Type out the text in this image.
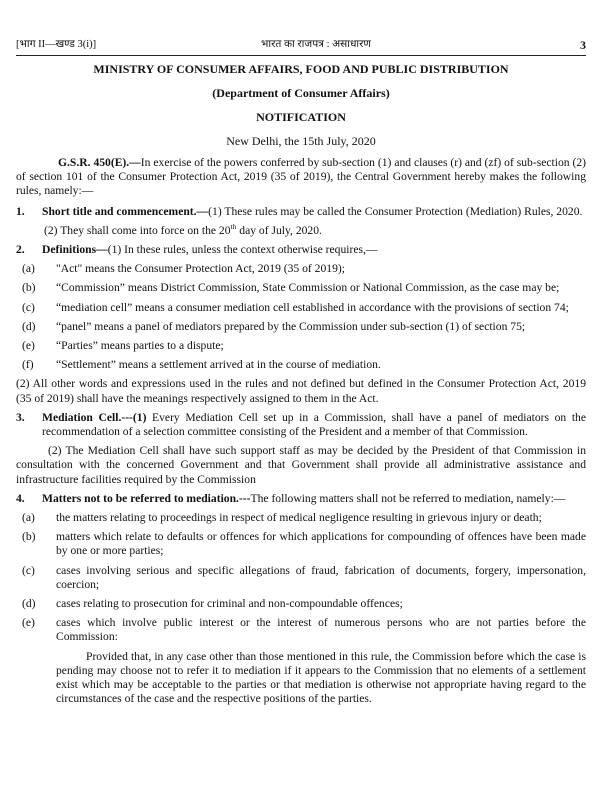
[भाग II—खण्ड 3(i)]	भारत का राजपत्र : असाधारण	3
MINISTRY OF CONSUMER AFFAIRS, FOOD AND PUBLIC DISTRIBUTION
(Department of Consumer Affairs)
NOTIFICATION
New Delhi, the 15th July, 2020
G.S.R. 450(E).—In exercise of the powers conferred by sub-section (1) and clauses (r) and (zf) of sub-section (2) of section 101 of the Consumer Protection Act, 2019 (35 of 2019), the Central Government hereby makes the following rules, namely:—
1.	Short title and commencement.—(1) These rules may be called the Consumer Protection (Mediation) Rules, 2020.
(2) They shall come into force on the 20th day of July, 2020.
2.	Definitions—(1) In these rules, unless the context otherwise requires,—
(a)	"Act" means the Consumer Protection Act, 2019 (35 of 2019);
(b)	“Commission” means District Commission, State Commission or National Commission, as the case may be;
(c)	“mediation cell” means a consumer mediation cell established in accordance with the provisions of section 74;
(d)	“panel” means a panel of mediators prepared by the Commission under sub-section (1) of section 75;
(e)	“Parties” means parties to a dispute;
(f)	“Settlement” means a settlement arrived at in the course of mediation.
(2) All other words and expressions used in the rules and not defined but defined in the Consumer Protection Act, 2019 (35 of 2019) shall have the meanings respectively assigned to them in the Act.
3.	Mediation Cell.---(1) Every Mediation Cell set up in a Commission, shall have a panel of mediators on the recommendation of a selection committee consisting of the President and a member of that Commission.
(2) The Mediation Cell shall have such support staff as may be decided by the President of that Commission in consultation with the concerned Government and that Government shall provide all administrative assistance and infrastructure facilities required by the Commission
4.	Matters not to be referred to mediation.---The following matters shall not be referred to mediation, namely:—
(a)	the matters relating to proceedings in respect of medical negligence resulting in grievous injury or death;
(b)	matters which relate to defaults or offences for which applications for compounding of offences have been made by one or more parties;
(c)	cases involving serious and specific allegations of fraud, fabrication of documents, forgery, impersonation, coercion;
(d)	cases relating to prosecution for criminal and non-compoundable offences;
(e)	cases which involve public interest or the interest of numerous persons who are not parties before the Commission:
Provided that, in any case other than those mentioned in this rule, the Commission before which the case is pending may choose not to refer it to mediation if it appears to the Commission that no elements of a settlement exist which may be acceptable to the parties or that mediation is otherwise not appropriate having regard to the circumstances of the case and the respective positions of the parties.
